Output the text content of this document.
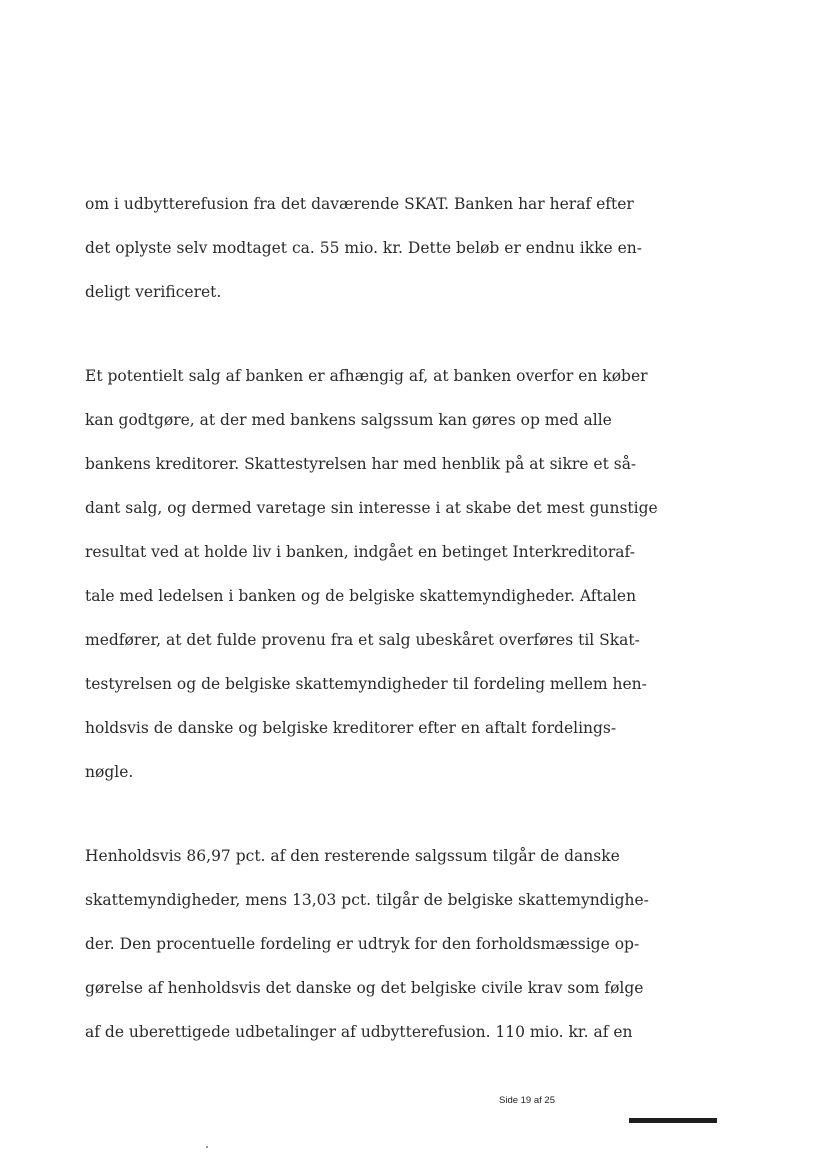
om i udbytterefusion fra det daværende SKAT. Banken har heraf efter

det oplyste selv modtaget ca. 55 mio. kr. Dette beløb er endnu ikke en-

deligt verificeret.

Et potentielt salg af banken er afhængig af, at banken overfor en køber

kan godtgøre, at der med bankens salgssum kan gøres op med alle

bankens kreditorer. Skattestyrelsen har med henblik på at sikre et så-

dant salg, og dermed varetage sin interesse i at skabe det mest gunstige

resultat ved at holde liv i banken, indgået en betinget Interkreditoraf-

tale med ledelsen i banken og de belgiske skattemyndigheder. Aftalen

medfører, at det fulde provenu fra et salg ubeskåret overføres til Skat-

testyrelsen og de belgiske skattemyndigheder til fordeling mellem hen-

holdsvis de danske og belgiske kreditorer efter en aftalt fordelings-

nøgle.

Henholdsvis 86,97 pct. af den resterende salgssum tilgår de danske

skattemyndigheder, mens 13,03 pct. tilgår de belgiske skattemyndighe-

der. Den procentuelle fordeling er udtryk for den forholdsmæssige op-

gørelse af henholdsvis det danske og det belgiske civile krav som følge

af de uberettigede udbetalinger af udbytterefusion. 110 mio. kr. af en

Side 19 af 25
